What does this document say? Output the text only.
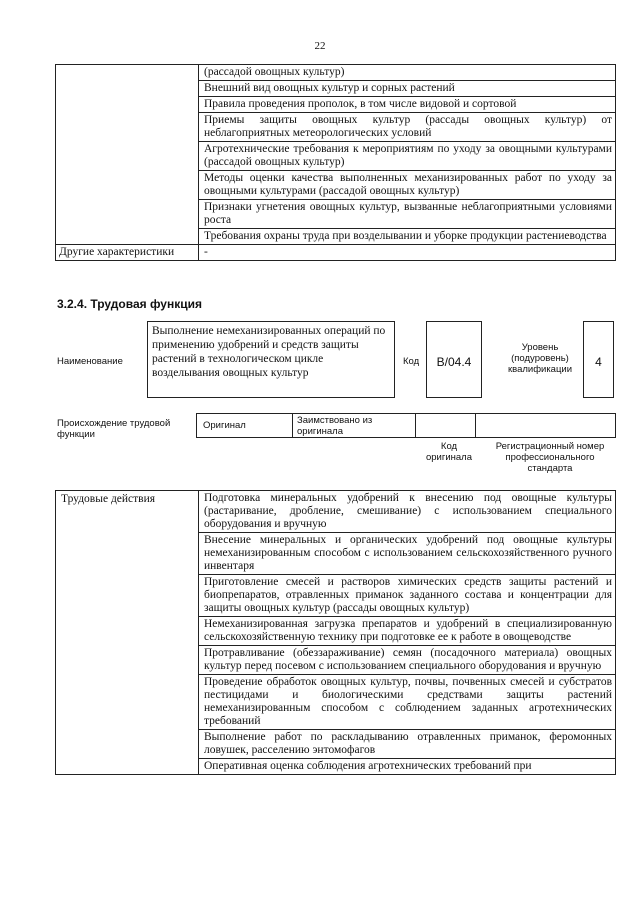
22
	(рассадой овощных культур)
	Внешний вид овощных культур и сорных растений
	Правила проведения прополок, в том числе видовой и сортовой
	Приемы защиты овощных культур (рассады овощных культур) от неблагоприятных метеорологических условий
	Агротехнические требования к мероприятиям по уходу за овощными культурами (рассадой овощных культур)
	Методы оценки качества выполненных механизированных работ по уходу за овощными культурами (рассадой овощных культур)
	Признаки угнетения овощных культур, вызванные неблагоприятными условиями роста
	Требования охраны труда при возделывании и уборке продукции растениеводства
Другие характеристики	-
3.2.4. Трудовая функция
Наименование
Выполнение немеханизированных операций по применению удобрений и средств защиты растений в технологическом цикле возделывания овощных культур
Код	B/04.4
Уровень (подуровень) квалификации
4
Происхождение трудовой функции
Оригинал	Заимствовано из оригинала		
Код оригинала
Регистрационный номер профессионального стандарта
Трудовые действия	Подготовка минеральных удобрений к внесению под овощные культуры (растаривание, дробление, смешивание) с использованием специального оборудования и вручную
Внесение минеральных и органических удобрений под овощные культуры немеханизированным способом с использованием сельскохозяйственного ручного инвентаря
Приготовление смесей и растворов химических средств защиты растений и биопрепаратов, отравленных приманок заданного состава и концентрации для защиты овощных культур (рассады овощных культур)
Немеханизированная загрузка препаратов и удобрений в специализированную сельскохозяйственную технику при подготовке ее к работе в овощеводстве
Протравливание (обеззараживание) семян (посадочного материала) овощных культур перед посевом с использованием специального оборудования и вручную
Проведение обработок овощных культур, почвы, почвенных смесей и субстратов пестицидами и биологическими средствами защиты растений немеханизированным способом с соблюдением заданных агротехнических требований
Выполнение работ по раскладыванию отравленных приманок, феромонных ловушек, расселению энтомофагов
Оперативная оценка соблюдения агротехнических требований при
